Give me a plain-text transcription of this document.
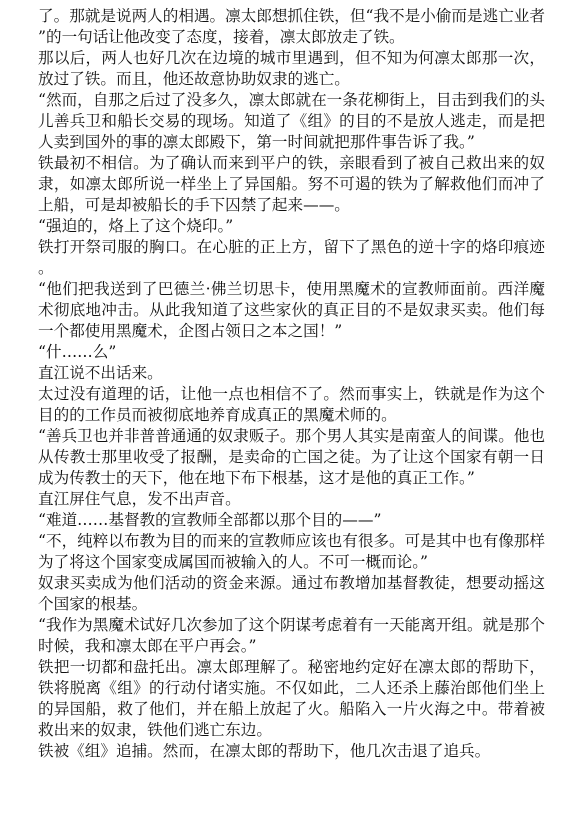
了。那就是说两人的相遇。凛太郎想抓住铁，但“我不是小偷而是逃亡业者”的一句话让他改变了态度，接着，凛太郎放走了铁。

那以后，两人也好几次在边境的城市里遇到，但不知为何凛太郎那一次，放过了铁。而且，他还故意协助奴隶的逃亡。

“然而，自那之后过了没多久，凛太郎就在一条花柳街上，目击到我们的头儿善兵卫和船长交易的现场。知道了《组》的目的不是放人逃走，而是把人卖到国外的事的凛太郎殿下，第一时间就把那件事告诉了我。”

铁最初不相信。为了确认而来到平户的铁，亲眼看到了被自己救出来的奴隶，如凛太郎所说一样坐上了异国船。努不可遏的铁为了解救他们而冲了上船，可是却被船长的手下囚禁了起来——。

“强迫的，烙上了这个烧印。”

铁打开祭司服的胸口。在心脏的正上方，留下了黑色的逆十字的烙印痕迹。

“他们把我送到了巴德兰·佛兰切思卡，使用黑魔术的宣教师面前。西洋魔术彻底地冲击。从此我知道了这些家伙的真正目的不是奴隶买卖。他们每一个都使用黑魔术，企图占领日之本之国！”

“什……么”

直江说不出话来。

太过没有道理的话，让他一点也相信不了。然而事实上，铁就是作为这个目的的工作员而被彻底地养育成真正的黑魔术师的。

“善兵卫也并非普普通通的奴隶贩子。那个男人其实是南蛮人的间谍。他也从传教士那里收受了报酬，是卖命的亡国之徒。为了让这个国家有朝一日成为传教士的天下，他在地下布下根基，这才是他的真正工作。”

直江屏住气息，发不出声音。

“难道……基督教的宣教师全部都以那个目的——”

“不，纯粹以布教为目的而来的宣教师应该也有很多。可是其中也有像那样为了将这个国家变成属国而被输入的人。不可一概而论。”

奴隶买卖成为他们活动的资金来源。通过布教增加基督教徒，想要动摇这个国家的根基。

“我作为黑魔术试好几次参加了这个阴谋考虑着有一天能离开组。就是那个时候，我和凛太郎在平户再会。”

铁把一切都和盘托出。凛太郎理解了。秘密地约定好在凛太郎的帮助下，铁将脱离《组》的行动付诸实施。不仅如此，二人还杀上藤治郎他们坐上的异国船，救了他们，并在船上放起了火。船陷入一片火海之中。带着被救出来的奴隶，铁他们逃亡东边。

铁被《组》追捕。然而，在凛太郎的帮助下，他几次击退了追兵。
